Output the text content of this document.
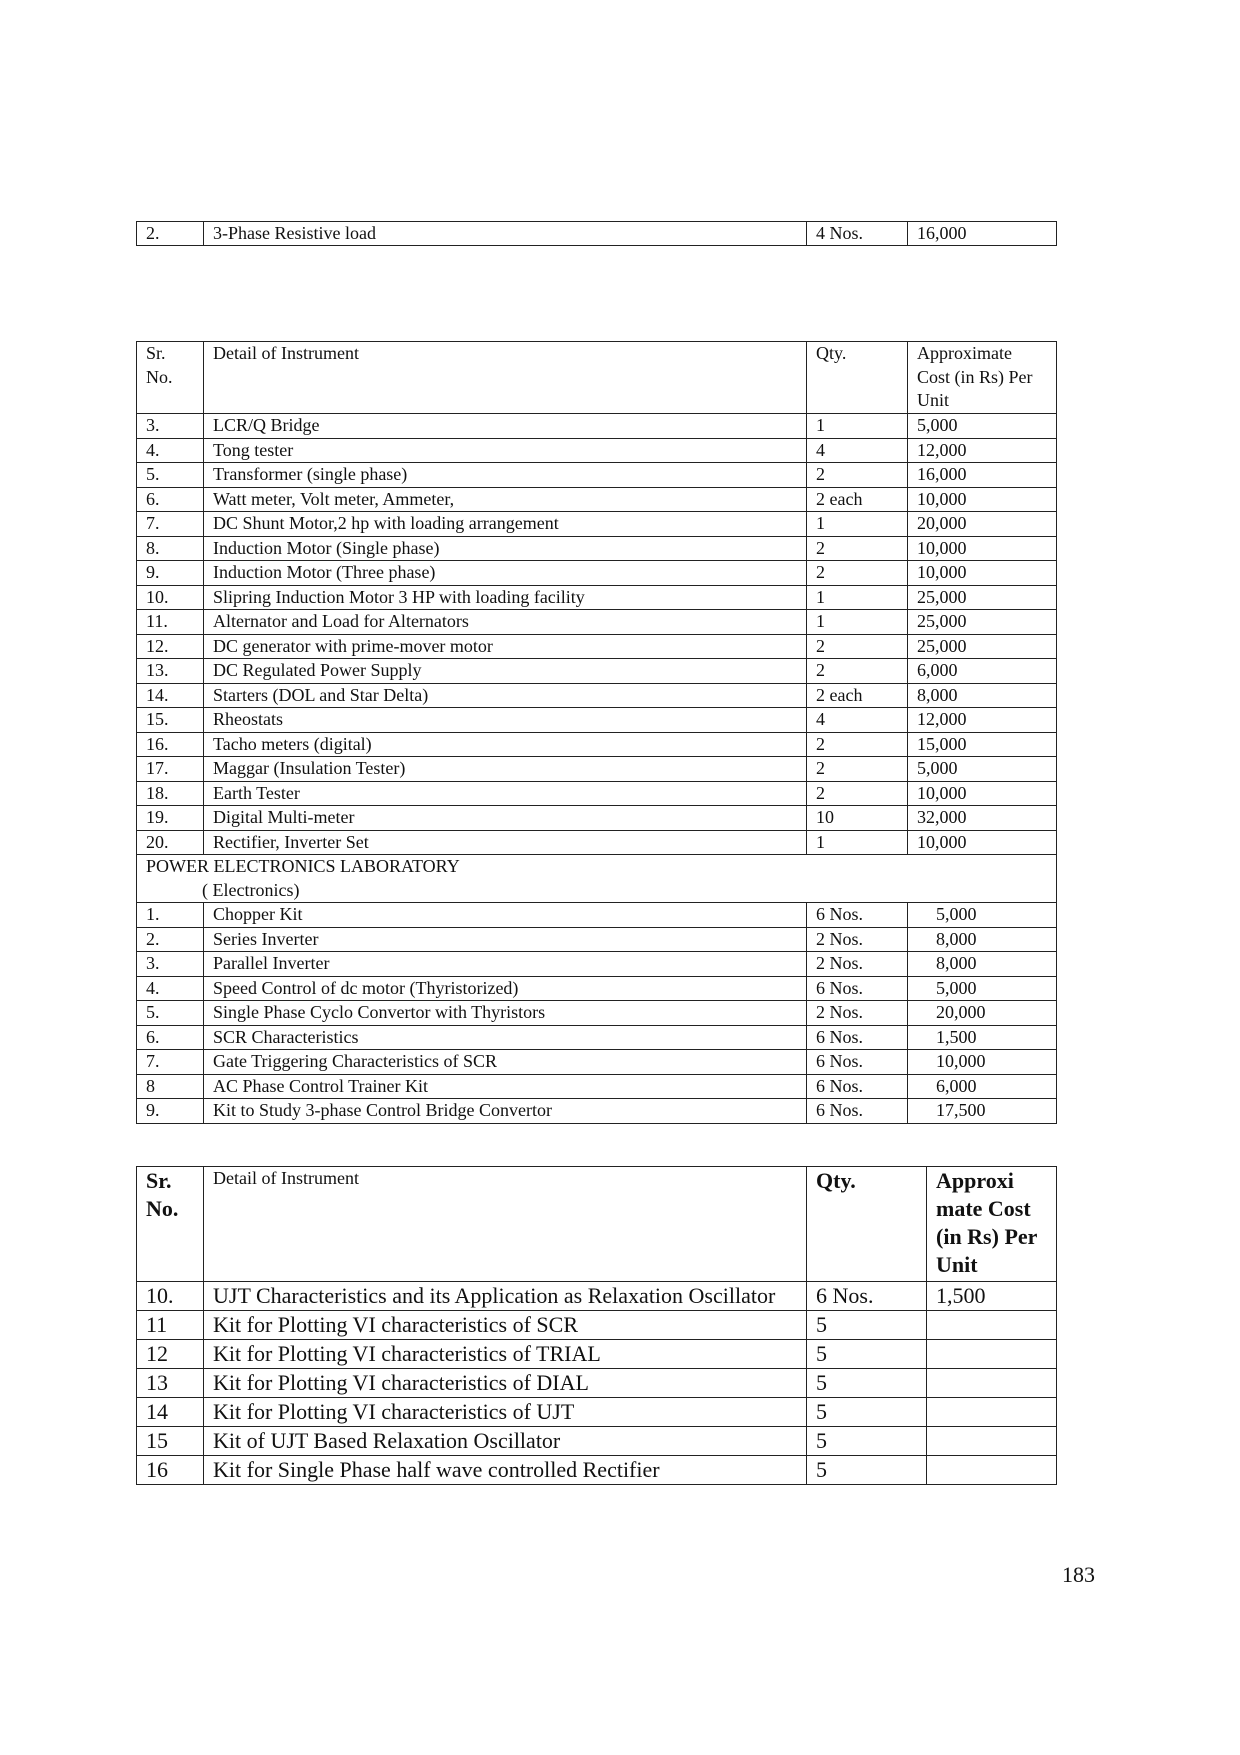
2.	3-Phase Resistive load	4 Nos.	16,000
Sr. No.	Detail of Instrument	Qty.	Approximate Cost (in Rs) Per Unit
3.	LCR/Q Bridge	1	5,000
4.	Tong tester	4	12,000
5.	Transformer (single phase)	2	16,000
6.	Watt meter, Volt meter, Ammeter,	2 each	10,000
7.	DC Shunt Motor,2 hp with loading arrangement	1	20,000
8.	Induction Motor (Single phase)	2	10,000
9.	Induction Motor (Three phase)	2	10,000
10.	Slipring Induction Motor 3 HP with loading facility	1	25,000
11.	Alternator and Load for Alternators	1	25,000
12.	DC generator with prime-mover motor	2	25,000
13.	DC Regulated Power Supply	2	6,000
14.	Starters (DOL and Star Delta)	2 each	8,000
15.	Rheostats	4	12,000
16.	Tacho meters (digital)	2	15,000
17.	Maggar (Insulation Tester)	2	5,000
18.	Earth Tester	2	10,000
19.	Digital Multi-meter	10	32,000
20.	Rectifier, Inverter Set	1	10,000
POWER ELECTRONICS LABORATORY
( Electronics)			

1.	Chopper Kit	6 Nos.	5,000
2.	Series Inverter	2 Nos.	8,000
3.	Parallel Inverter	2 Nos.	8,000
4.	Speed Control of dc motor (Thyristorized)	6 Nos.	5,000
5.	Single Phase Cyclo Convertor with Thyristors	2 Nos.	20,000
6.	SCR Characteristics	6 Nos.	1,500
7.	Gate Triggering Characteristics of SCR	6 Nos.	10,000
8	AC Phase Control Trainer Kit	6 Nos.	6,000
9.	Kit to Study 3-phase Control Bridge Convertor	6 Nos.	17,500
Sr. No.	Detail of Instrument	Qty.	Approxi mate Cost (in Rs) Per Unit
10.	UJT Characteristics and its Application as Relaxation Oscillator	6 Nos.	1,500
11	Kit for Plotting VI characteristics of SCR	5	
12	Kit for Plotting VI characteristics of TRIAL	5	
13	Kit for Plotting VI characteristics of DIAL	5	
14	Kit for Plotting VI characteristics of UJT	5	
15	Kit of UJT Based Relaxation Oscillator	5	
16	Kit for Single Phase half wave controlled Rectifier	5	
183
